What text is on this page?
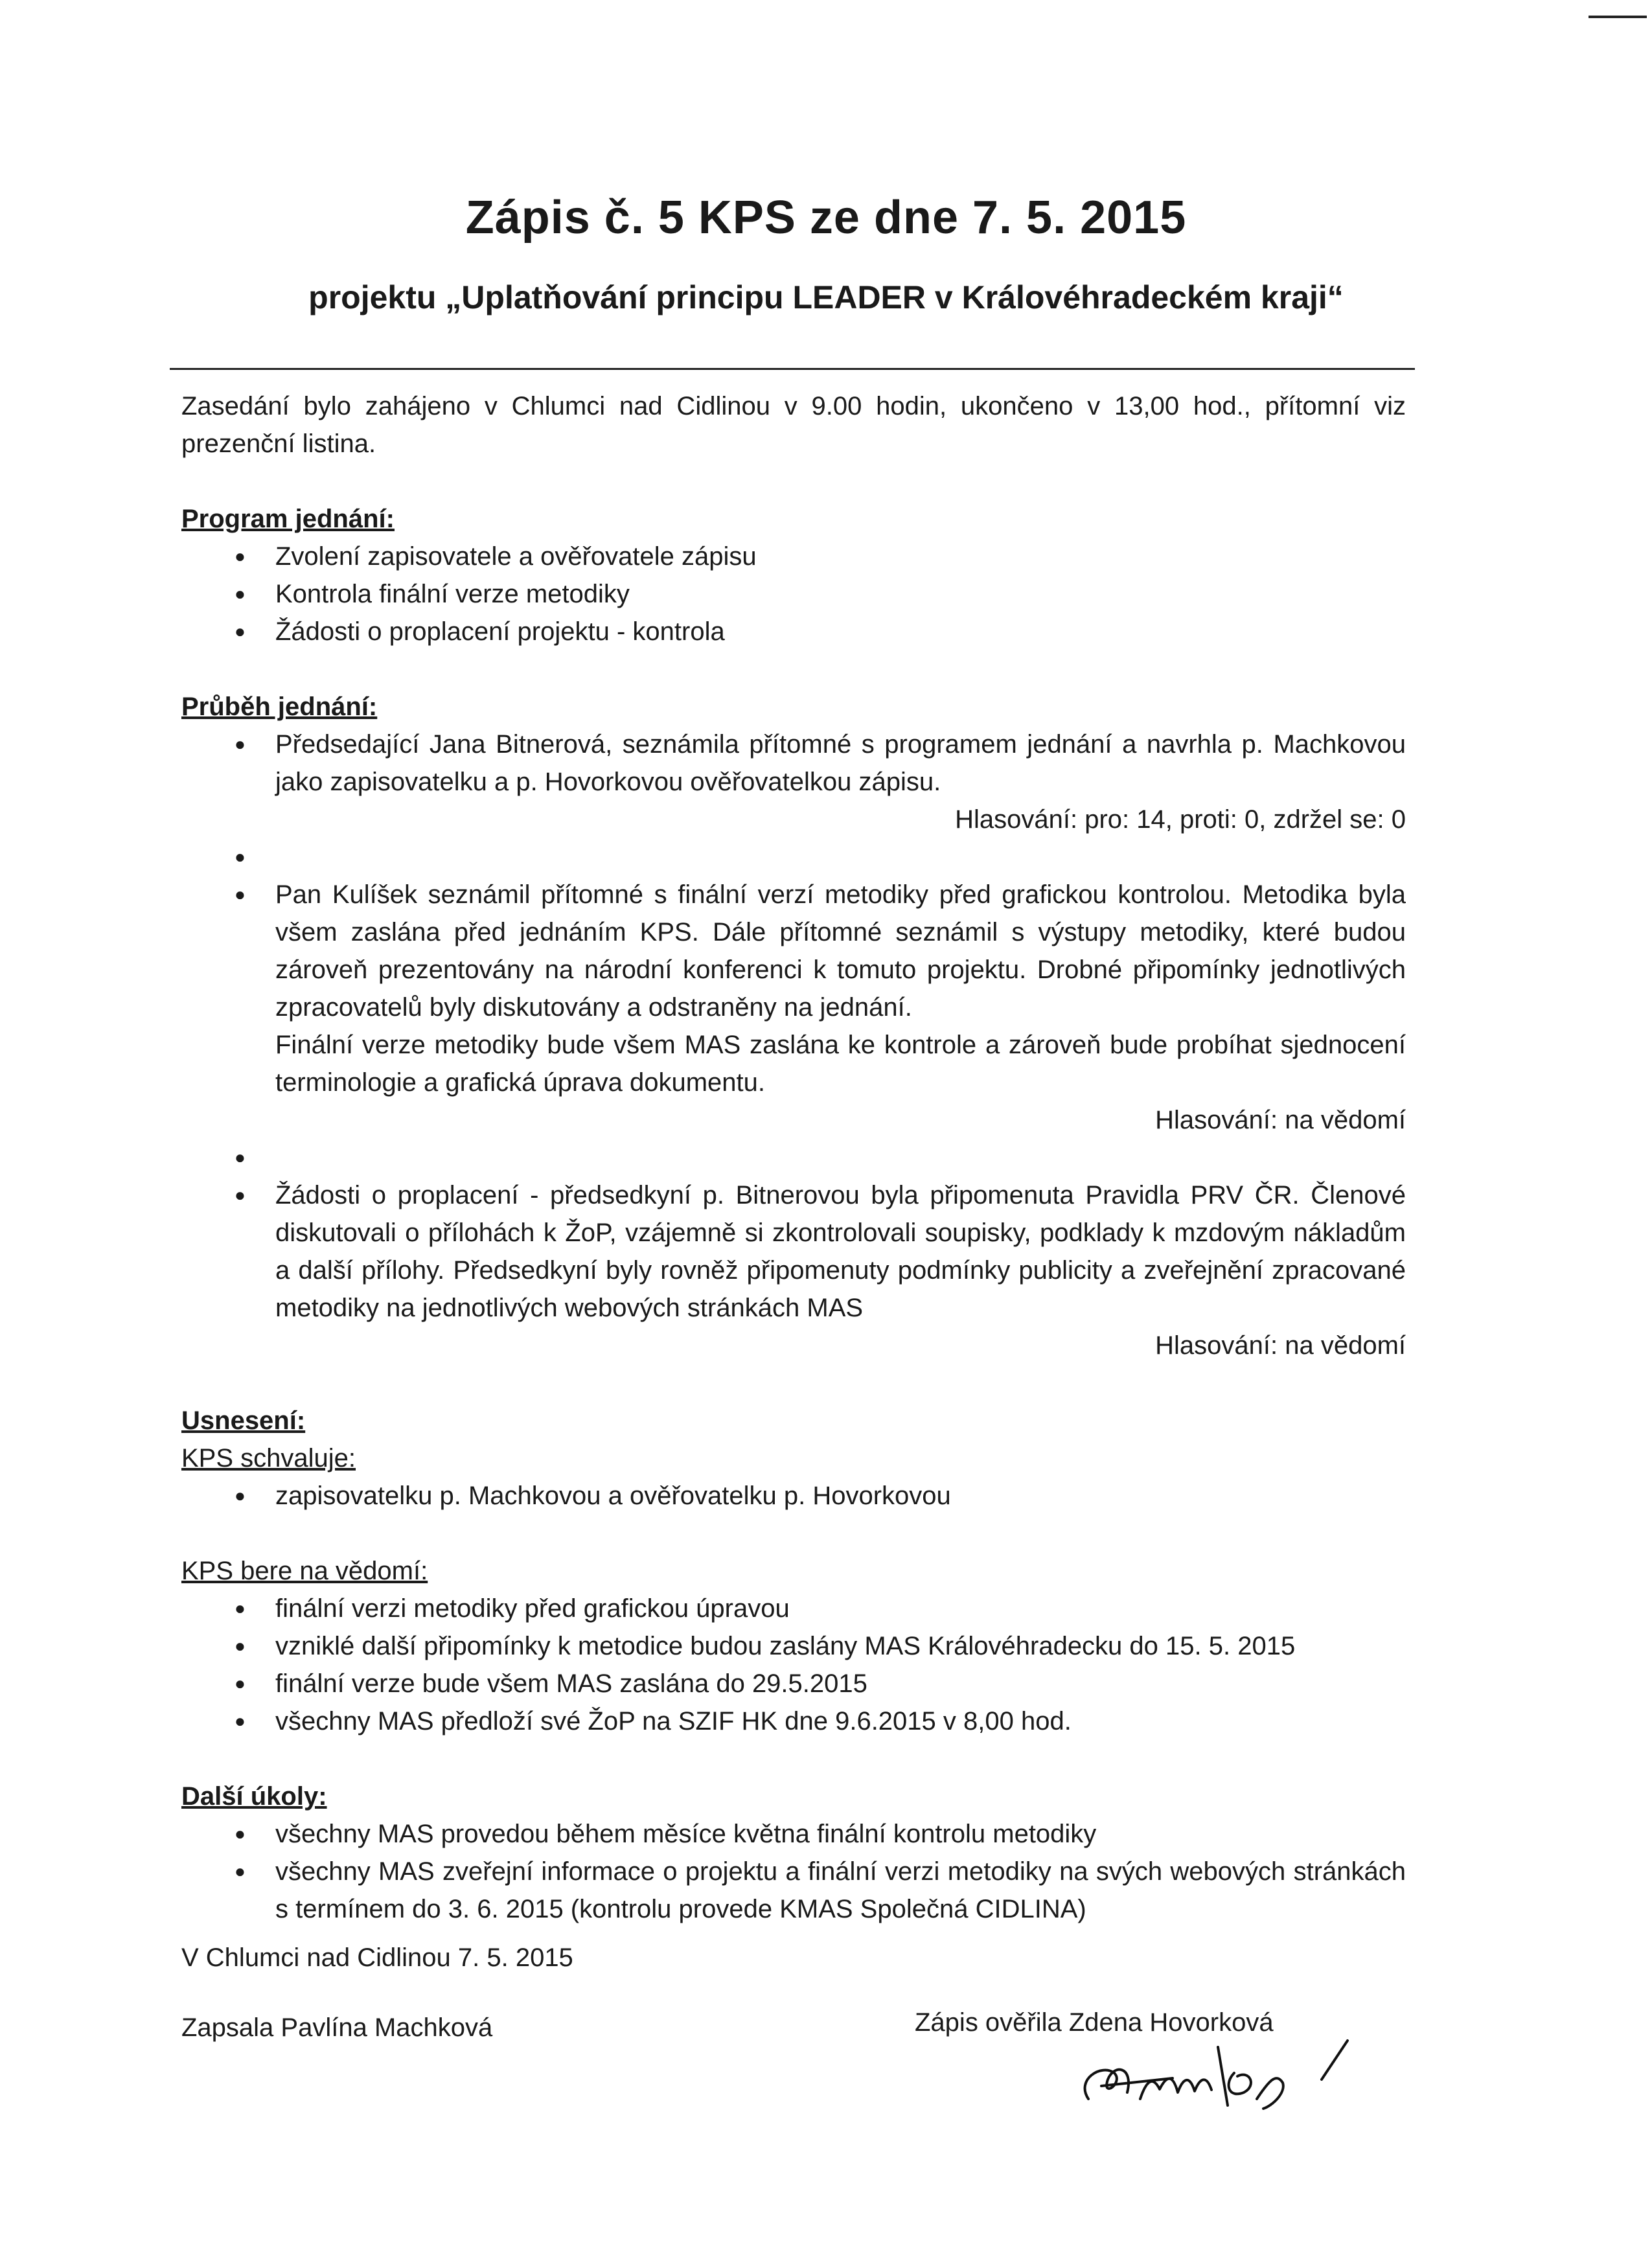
Zápis č. 5 KPS ze dne 7. 5. 2015
projektu „Uplatňování principu LEADER v Královéhradeckém kraji“

Zasedání bylo zahájeno v Chlumci nad Cidlinou v 9.00 hodin, ukončeno v 13,00 hod., přítomní viz prezenční listina.

Program jednání:

● Zvolení zapisovatele a ověřovatele zápisu
● Kontrola finální verze metodiky
● Žádosti o proplacení projektu - kontrola

Průběh jednání:

● Předsedající Jana Bitnerová, seznámila přítomné s programem jednání a navrhla p. Machkovou jako zapisovatelku a p. Hovorkovou ověřovatelkou zápisu.
Hlasování: pro: 14, proti: 0, zdržel se: 0
●
● Pan Kulíšek seznámil přítomné s finální verzí metodiky před grafickou kontrolou. Metodika byla všem zaslána před jednáním KPS. Dále přítomné seznámil s výstupy metodiky, které budou zároveň prezentovány na národní konferenci k tomuto projektu. Drobné připomínky jednotlivých zpracovatelů byly diskutovány a odstraněny na jednání.
Finální verze metodiky bude všem MAS zaslána ke kontrole a zároveň bude probíhat sjednocení terminologie a grafická úprava dokumentu.
Hlasování: na vědomí
●
● Žádosti o proplacení - předsedkyní p. Bitnerovou byla připomenuta Pravidla PRV ČR. Členové diskutovali o přílohách k ŽoP, vzájemně si zkontrolovali soupisky, podklady k mzdovým nákladům a další přílohy. Předsedkyní byly rovněž připomenuty podmínky publicity a zveřejnění zpracované metodiky na jednotlivých webových stránkách MAS
Hlasování: na vědomí

Usnesení:

KPS schvaluje:

● zapisovatelku p. Machkovou a ověřovatelku p. Hovorkovou

KPS bere na vědomí:

● finální verzi metodiky před grafickou úpravou
● vzniklé další připomínky k metodice budou zaslány MAS Královéhradecku do 15. 5. 2015
● finální verze bude všem MAS zaslána do 29.5.2015
● všechny MAS předloží své ŽoP na SZIF HK dne 9.6.2015 v 8,00 hod.

Další úkoly:

● všechny MAS provedou během měsíce května finální kontrolu metodiky
● všechny MAS zveřejní informace o projektu a finální verzi metodiky na svých webových stránkách s termínem do 3. 6. 2015 (kontrolu provede KMAS Společná CIDLINA)

V Chlumci nad Cidlinou 7. 5. 2015

Zapsala Pavlína Machková	Zápis ověřila Zdena Hovorková
